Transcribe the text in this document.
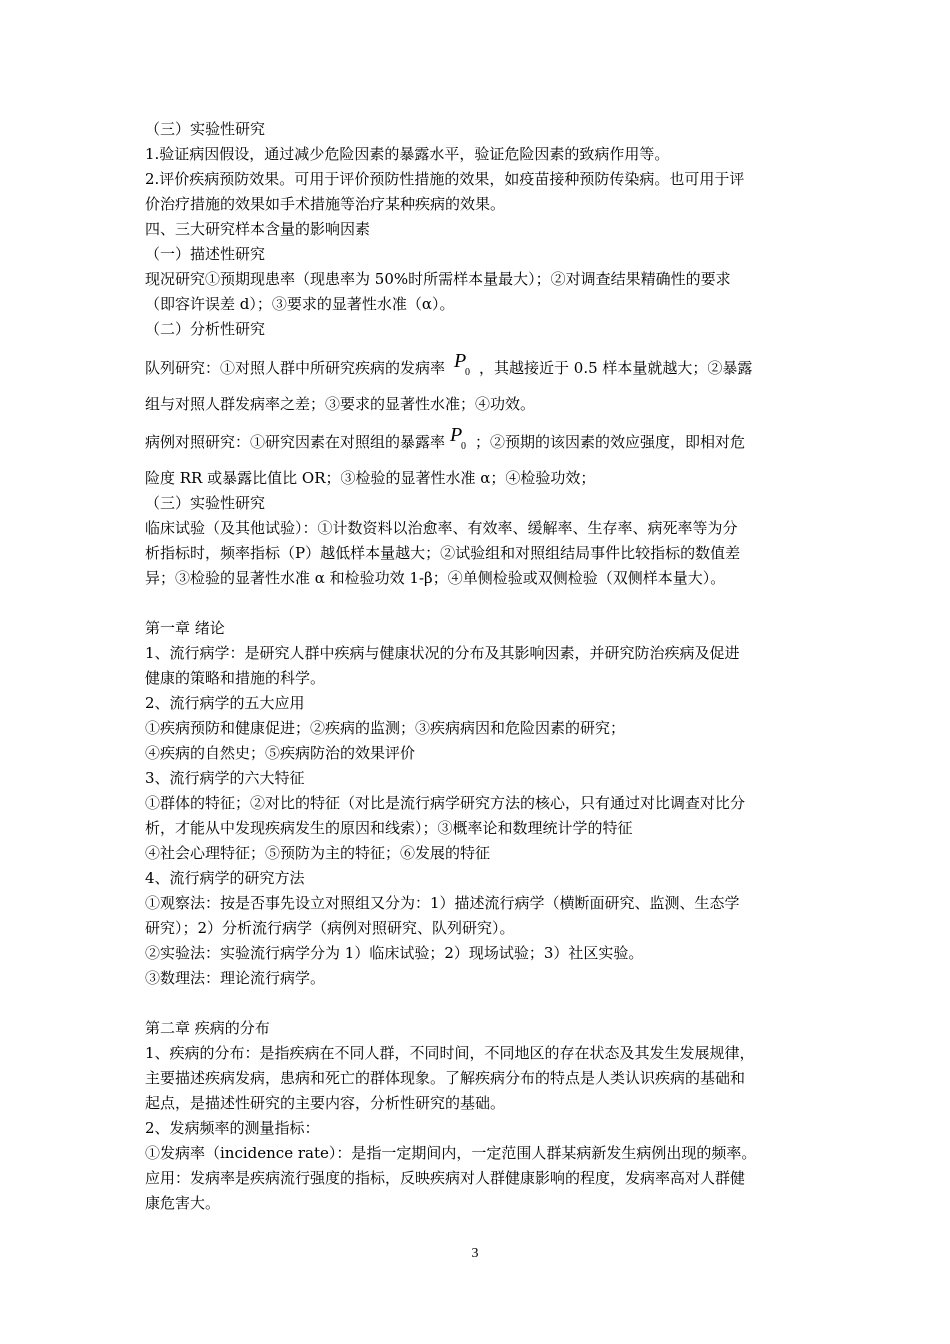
（三）实验性研究

1.验证病因假设，通过减少危险因素的暴露水平，验证危险因素的致病作用等。

2.评价疾病预防效果。可用于评价预防性措施的效果，如疫苗接种预防传染病。也可用于评

价治疗措施的效果如手术措施等治疗某种疾病的效果。

四、三大研究样本含量的影响因素

（一）描述性研究

现况研究①预期现患率（现患率为 50%时所需样本量最大）；②对调查结果精确性的要求

（即容许误差 d）；③要求的显著性水准（α）。

（二）分析性研究

队列研究：①对照人群中所研究疾病的发病率 P
0 ，其越接近于 0.5 样本量就越大；②暴露

组与对照人群发病率之差；③要求的显著性水准；④功效。

病例对照研究：①研究因素在对照组的暴露率 P
0 ；②预期的该因素的效应强度，即相对危

险度 RR 或暴露比值比 OR；③检验的显著性水准 α；④检验功效；

（三）实验性研究

临床试验（及其他试验）：①计数资料以治愈率、有效率、缓解率、生存率、病死率等为分

析指标时，频率指标（P）越低样本量越大；②试验组和对照组结局事件比较指标的数值差

异；③检验的显著性水准 α 和检验功效 1-β；④单侧检验或双侧检验（双侧样本量大）。

第一章 绪论

1、流行病学：是研究人群中疾病与健康状况的分布及其影响因素，并研究防治疾病及促进

健康的策略和措施的科学。

2、流行病学的五大应用

①疾病预防和健康促进；②疾病的监测；③疾病病因和危险因素的研究；

④疾病的自然史；⑤疾病防治的效果评价

3、流行病学的六大特征

①群体的特征；②对比的特征（对比是流行病学研究方法的核心，只有通过对比调查对比分

析，才能从中发现疾病发生的原因和线索）；③概率论和数理统计学的特征

④社会心理特征；⑤预防为主的特征；⑥发展的特征

4、流行病学的研究方法

①观察法：按是否事先设立对照组又分为：1）描述流行病学（横断面研究、监测、生态学

研究）；2）分析流行病学（病例对照研究、队列研究）。

②实验法：实验流行病学分为 1）临床试验；2）现场试验；3）社区实验。

③数理法：理论流行病学。

第二章 疾病的分布

1、疾病的分布：是指疾病在不同人群，不同时间，不同地区的存在状态及其发生发展规律，

主要描述疾病发病，患病和死亡的群体现象。了解疾病分布的特点是人类认识疾病的基础和

起点，是描述性研究的主要内容，分析性研究的基础。

2、发病频率的测量指标：

①发病率（incidence rate）：是指一定期间内，一定范围人群某病新发生病例出现的频率。

应用：发病率是疾病流行强度的指标，反映疾病对人群健康影响的程度，发病率高对人群健

康危害大。

3
